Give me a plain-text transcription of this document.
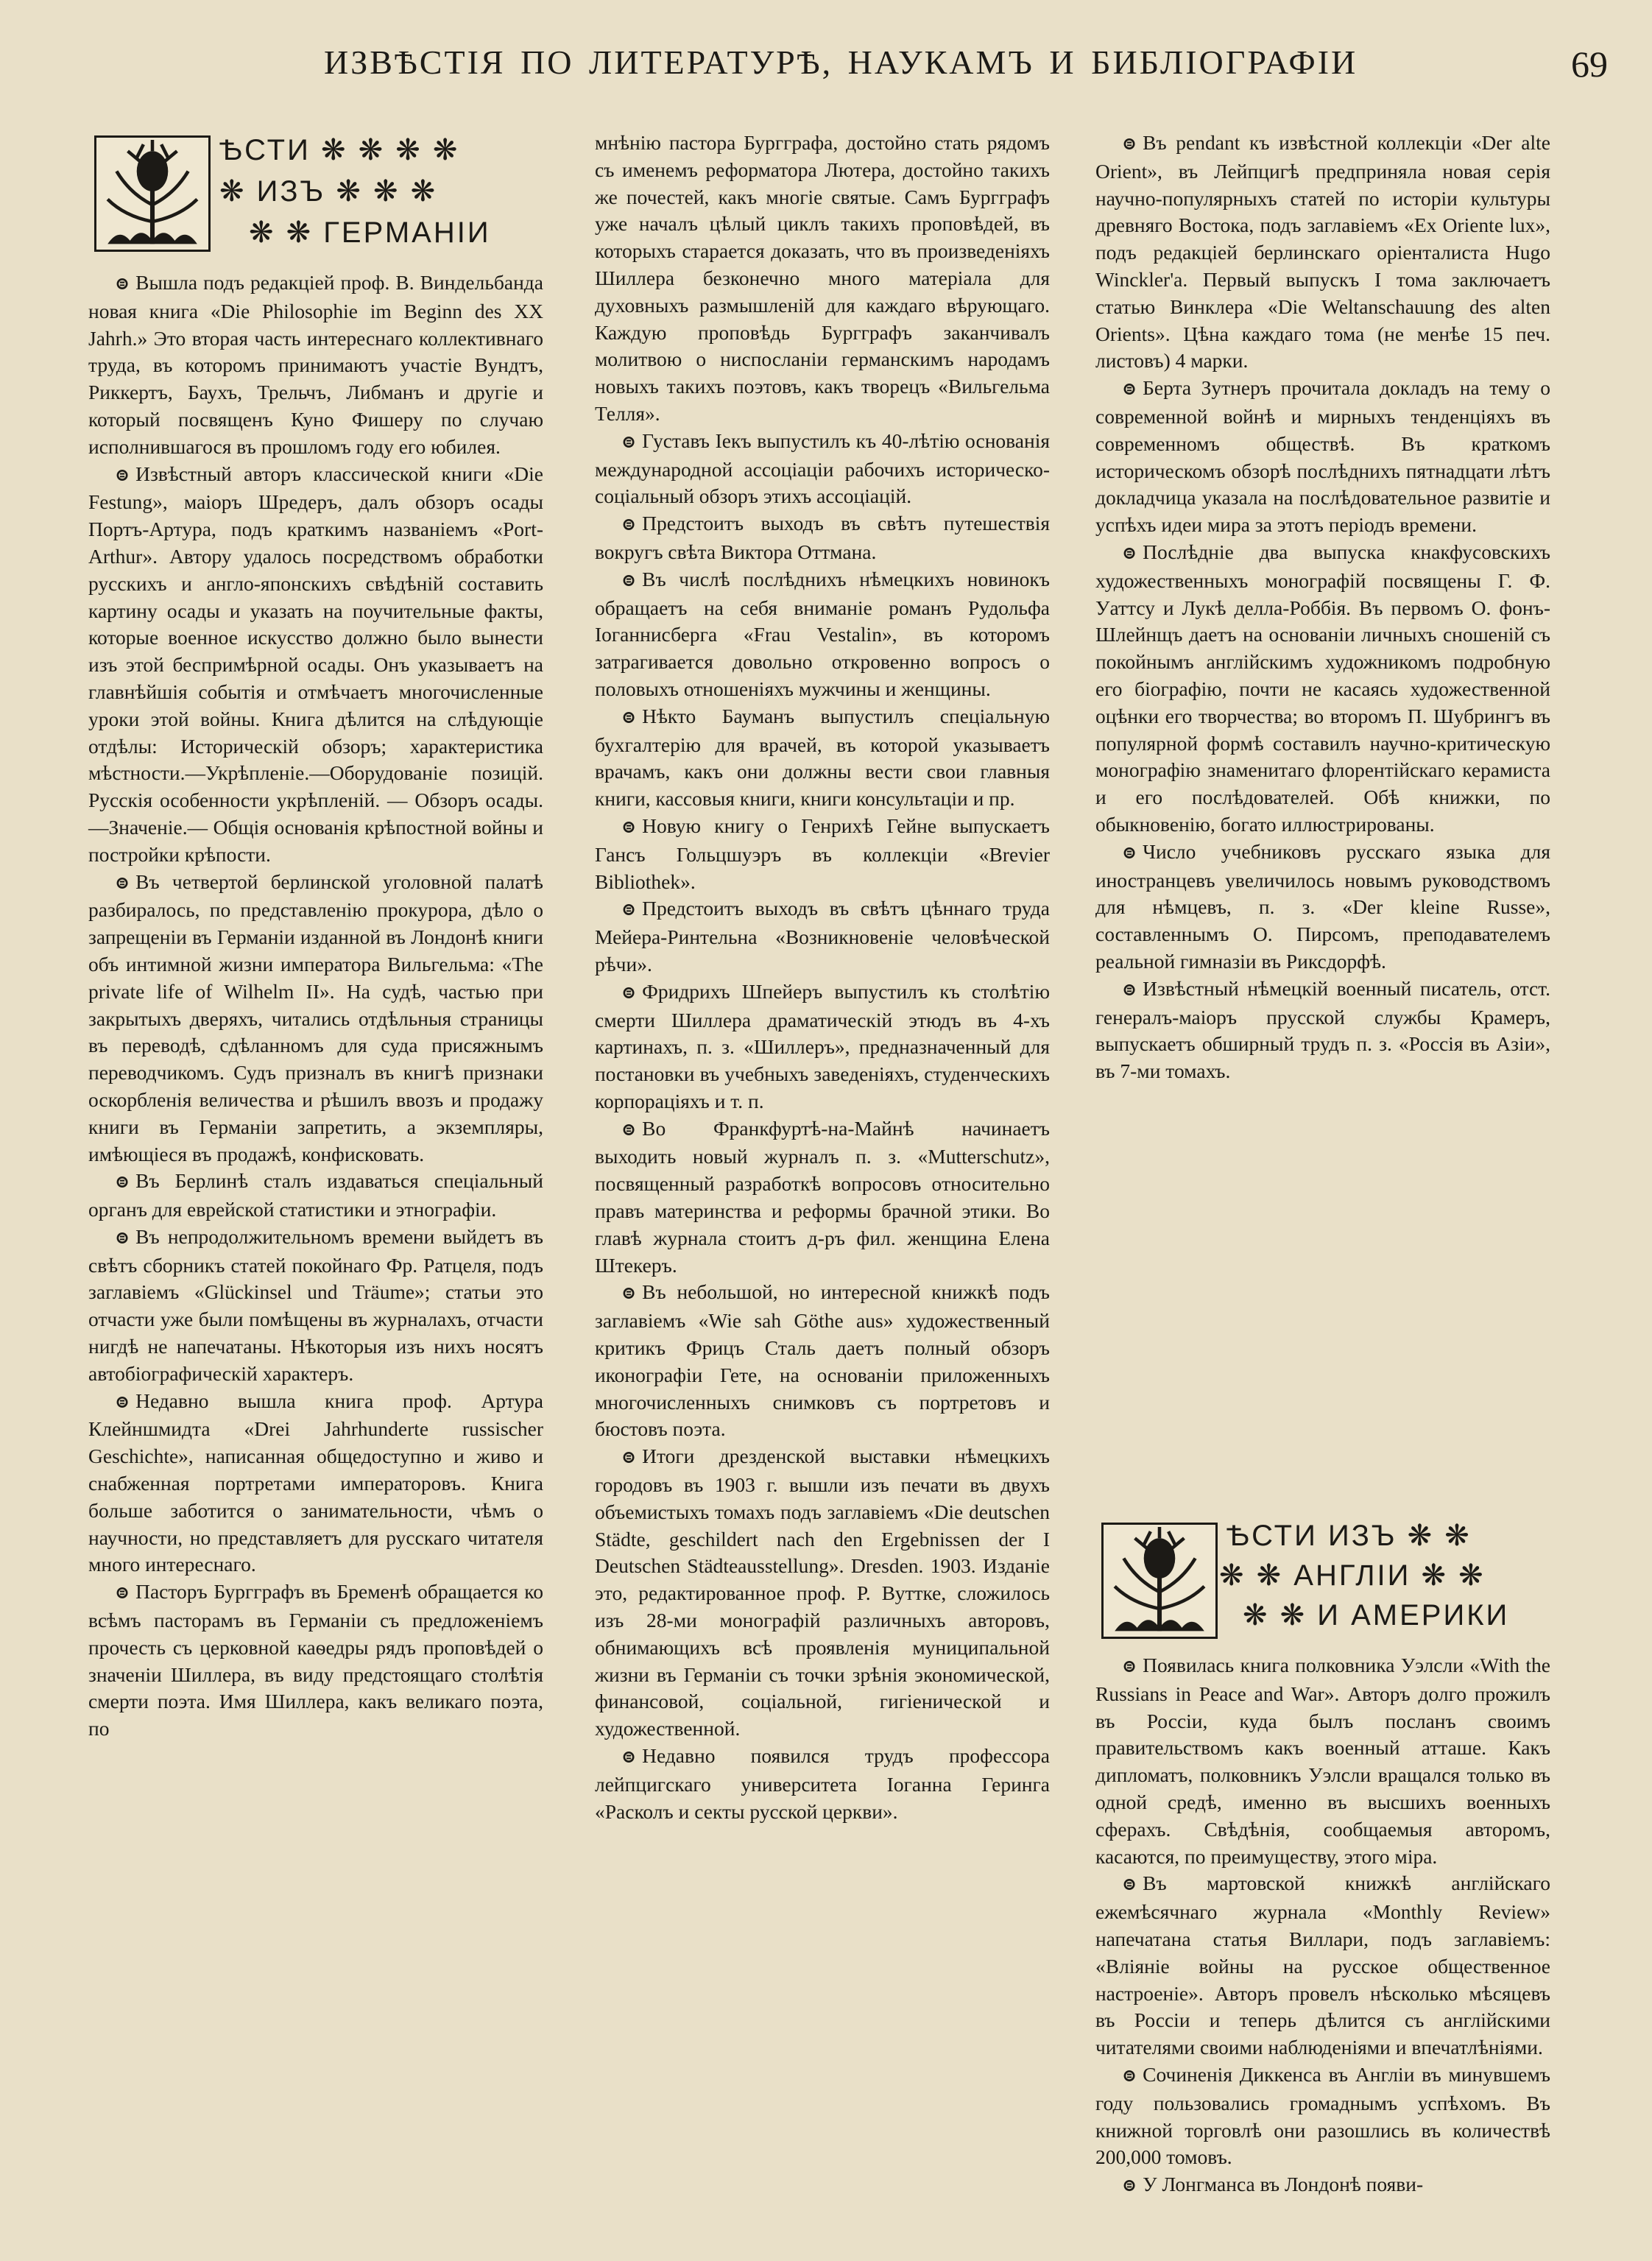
ИЗВѢСТІЯ ПО ЛИТЕРАТУРѢ, НАУКАМЪ И БИБЛІОГРАФІИ	69
ѢСТИ ❋ ❋ ❋ ❋
❋ ИЗЪ ❋ ❋ ❋
❋ ❋ ГЕРМАНІИ

⊜ Вышла подъ редакціей проф. В. Виндельбанда новая книга «Die Philosophie im Beginn des XX Jahrh.» Это вторая часть интереснаго коллективнаго труда, въ которомъ принимаютъ участіе Вундтъ, Риккертъ, Баухъ, Трельчъ, Либманъ и другіе и который посвященъ Куно Фишеру по случаю исполнившагося въ прошломъ году его юбилея.

⊜ Извѣстный авторъ классической книги «Die Festung», маіоръ Шредеръ, далъ обзоръ осады Портъ-Артура, подъ краткимъ названіемъ «Port-Arthur». Автору удалось посредствомъ обработки русскихъ и англо-японскихъ свѣдѣній составить картину осады и указать на поучительные факты, которые военное искусство должно было вынести изъ этой беспримѣрной осады. Онъ указываетъ на главнѣйшія событія и отмѣчаетъ многочисленные уроки этой войны. Книга дѣлится на слѣдующіе отдѣлы: Историческій обзоръ; характеристика мѣстности.—Укрѣпленіе.—Оборудованіе позицій. Русскія особенности укрѣпленій. — Обзоръ осады.—Значеніе.— Общія основанія крѣпостной войны и постройки крѣпости.

⊜ Въ четвертой берлинской уголовной палатѣ разбиралось, по представленію прокурора, дѣло о запрещеніи въ Германіи изданной въ Лондонѣ книги объ интимной жизни императора Вильгельма: «The private life of Wilhelm II». На судѣ, частью при закрытыхъ дверяхъ, читались отдѣльныя страницы въ переводѣ, сдѣланномъ для суда присяжнымъ переводчикомъ. Судъ призналъ въ книгѣ признаки оскорбленія величества и рѣшилъ ввозъ и продажу книги въ Германіи запретить, а экземпляры, имѣющіеся въ продажѣ, конфисковать.

⊜ Въ Берлинѣ сталъ издаваться спеціальный органъ для еврейской статистики и этнографіи.

⊜ Въ непродолжительномъ времени выйдетъ въ свѣтъ сборникъ статей покойнаго Фр. Ратцеля, подъ заглавіемъ «Glückinsel und Träume»; статьи это отчасти уже были помѣщены въ журналахъ, отчасти нигдѣ не напечатаны. Нѣкоторыя изъ нихъ носятъ автобіографическій характеръ.

⊜ Недавно вышла книга проф. Артура Клейншмидта «Drei Jahrhunderte russischer Geschichte», написанная общедоступно и живо и снабженная портретами императоровъ. Книга больше заботится о занимательности, чѣмъ о научности, но представляетъ для русскаго читателя много интереснаго.

⊜ Пасторъ Бургграфъ въ Бременѣ обращается ко всѣмъ пасторамъ въ Германіи съ предложеніемъ прочесть съ церковной каѳедры рядъ проповѣдей о значеніи Шиллера, въ виду предстоящаго столѣтія смерти поэта. Имя Шиллера, какъ великаго поэта, по

мнѣнію пастора Бургграфа, достойно стать рядомъ съ именемъ реформатора Лютера, достойно такихъ же почестей, какъ многіе святые. Самъ Бургграфъ уже началъ цѣлый циклъ такихъ проповѣдей, въ которыхъ старается доказать, что въ произведеніяхъ Шиллера безконечно много матеріала для духовныхъ размышленій для каждаго вѣрующаго. Каждую проповѣдь Бургграфъ заканчивалъ молитвою о ниспосланіи германскимъ народамъ новыхъ такихъ поэтовъ, какъ творецъ «Вильгельма Телля».

⊜ Густавъ Іекъ выпустилъ къ 40-лѣтію основанія международной ассоціаціи рабочихъ историческо-соціальный обзоръ этихъ ассоціацій.

⊜ Предстоитъ выходъ въ свѣтъ путешествія вокругъ свѣта Виктора Оттмана.

⊜ Въ числѣ послѣднихъ нѣмецкихъ новинокъ обращаетъ на себя вниманіе романъ Рудольфа Іоганнисберга «Frau Vestalin», въ которомъ затрагивается довольно откровенно вопросъ о половыхъ отношеніяхъ мужчины и женщины.

⊜ Нѣкто Бауманъ выпустилъ спеціальную бухгалтерію для врачей, въ которой указываетъ врачамъ, какъ они должны вести свои главныя книги, кассовыя книги, книги консультаціи и пр.

⊜ Новую книгу о Генрихѣ Гейне выпускаетъ Гансъ Гольцшуэръ въ коллекціи «Brevier Bibliothek».

⊜ Предстоитъ выходъ въ свѣтъ цѣннаго труда Мейера-Ринтельна «Возникновеніе человѣческой рѣчи».

⊜ Фридрихъ Шпейеръ выпустилъ къ столѣтію смерти Шиллера драматическій этюдъ въ 4-хъ картинахъ, п. з. «Шиллеръ», предназначенный для постановки въ учебныхъ заведеніяхъ, студенческихъ корпораціяхъ и т. п.

⊜ Во Франкфуртѣ-на-Майнѣ начинаетъ выходить новый журналъ п. з. «Mutterschutz», посвященный разработкѣ вопросовъ относительно правъ материнства и реформы брачной этики. Во главѣ журнала стоитъ д-ръ фил. женщина Елена Штекеръ.

⊜ Въ небольшой, но интересной книжкѣ подъ заглавіемъ «Wie sah Göthe aus» художественный критикъ Фрицъ Сталь даетъ полный обзоръ иконографіи Гете, на основаніи приложенныхъ многочисленныхъ снимковъ съ портретовъ и бюстовъ поэта.

⊜ Итоги дрезденской выставки нѣмецкихъ городовъ въ 1903 г. вышли изъ печати въ двухъ объемистыхъ томахъ подъ заглавіемъ «Die deutschen Städte, geschildert nach den Ergebnissen der I Deutschen Städteausstellung». Dresden. 1903. Изданіе это, редактированное проф. Р. Вуттке, сложилось изъ 28-ми монографій различныхъ авторовъ, обнимающихъ всѣ проявленія муниципальной жизни въ Германіи съ точки зрѣнія экономической, финансовой, соціальной, гигіенической и художественной.

⊜ Недавно появился трудъ профессора лейпцигскаго университета Іоганна Геринга «Расколъ и секты русской церкви».

⊜ Въ pendant къ извѣстной коллекціи «Der alte Orient», въ Лейпцигѣ предприняла новая серія научно-популярныхъ статей по исторіи культуры древняго Востока, подъ заглавіемъ «Ex Oriente lux», подъ редакціей берлинскаго оріенталиста Hugo Winckler'а. Первый выпускъ I тома заключаетъ статью Винклера «Die Weltanschauung des alten Orients». Цѣна каждаго тома (не менѣе 15 печ. листовъ) 4 марки.

⊜ Берта Зутнеръ прочитала докладъ на тему о современной войнѣ и мирныхъ тенденціяхъ въ современномъ обществѣ. Въ краткомъ историческомъ обзорѣ послѣднихъ пятнадцати лѣтъ докладчица указала на послѣдовательное развитіе и успѣхъ идеи мира за этотъ періодъ времени.

⊜ Послѣдніе два выпуска кнакфусовскихъ художественныхъ монографій посвящены Г. Ф. Уаттсу и Лукѣ делла-Роббія. Въ первомъ О. фонъ-Шлейнщъ даетъ на основаніи личныхъ сношеній съ покойнымъ англійскимъ художникомъ подробную его біографію, почти не касаясь художественной оцѣнки его творчества; во второмъ П. Шубрингъ въ популярной формѣ составилъ научно-критическую монографію знаменитаго флорентійскаго керамиста и его послѣдователей. Обѣ книжки, по обыкновенію, богато иллюстрированы.

⊜ Число учебниковъ русскаго языка для иностранцевъ увеличилось новымъ руководствомъ для нѣмцевъ, п. з. «Der kleine Russe», составленнымъ О. Пирсомъ, преподавателемъ реальной гимназіи въ Риксдорфѣ.

⊜ Извѣстный нѣмецкій военный писатель, отст. генералъ-маіоръ прусской службы Крамеръ, выпускаетъ обширный трудъ п. з. «Россія въ Азіи», въ 7-ми томахъ.

ѢСТИ ИЗЪ ❋ ❋
❋ ❋ АНГЛІИ ❋ ❋
❋ ❋ И АМЕРИКИ

⊜ Появилась книга полковника Уэлсли «With the Russians in Peace and War». Авторъ долго прожилъ въ Россіи, куда былъ посланъ своимъ правительствомъ какъ военный атташе. Какъ дипломатъ, полковникъ Уэлсли вращался только въ одной средѣ, именно въ высшихъ военныхъ сферахъ. Свѣдѣнія, сообщаемыя авторомъ, касаются, по преимуществу, этого міра.

⊜ Въ мартовской книжкѣ англійскаго ежемѣсячнаго журнала «Monthly Review» напечатана статья Виллари, подъ заглавіемъ: «Вліяніе войны на русское общественное настроеніе». Авторъ провелъ нѣсколько мѣсяцевъ въ Россіи и теперь дѣлится съ англійскими читателями своими наблюденіями и впечатлѣніями.

⊜ Сочиненія Диккенса въ Англіи въ минувшемъ году пользовались громаднымъ успѣхомъ. Въ книжной торговлѣ они разошлись въ количествѣ 200,000 томовъ.

⊜ У Лонгманса въ Лондонѣ появи-
